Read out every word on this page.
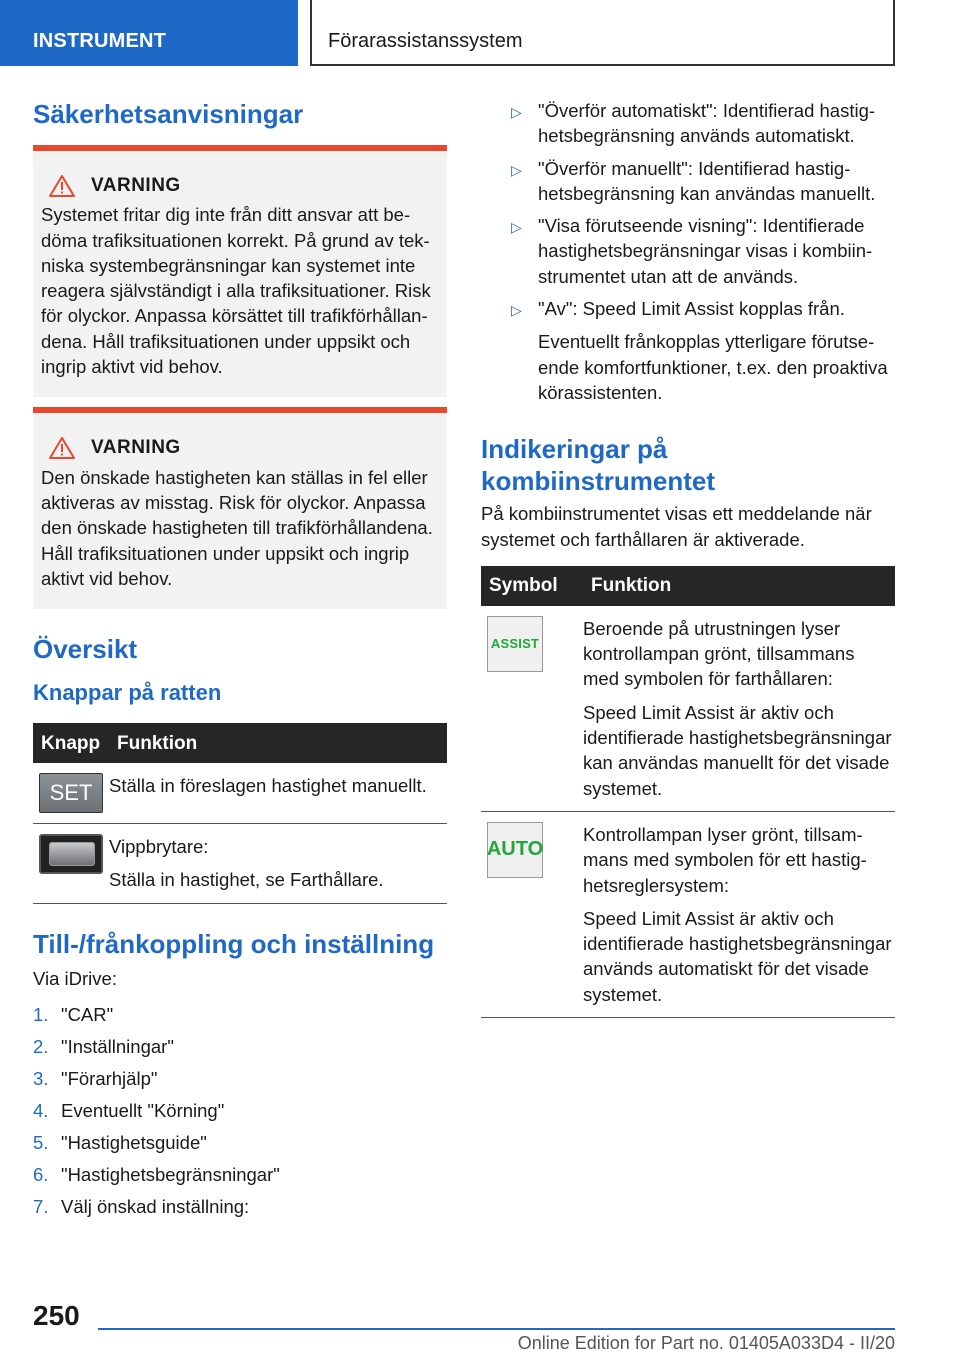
INSTRUMENT	Förarassistanssystem
Säkerhetsanvisningar
VARNING

Systemet fritar dig inte från ditt ansvar att bedöma trafiksituationen korrekt. På grund av tekniska systembegränsningar kan systemet inte reagera självständigt i alla trafiksituationer. Risk för olyckor. Anpassa körsättet till trafikförhållandena. Håll trafiksituationen under uppsikt och ingrip aktivt vid behov.

VARNING

Den önskade hastigheten kan ställas in fel eller aktiveras av misstag. Risk för olyckor. Anpassa den önskade hastigheten till trafikförhållandena. Håll trafiksituationen under uppsikt och ingrip aktivt vid behov.

Översikt
Knappar på ratten
Knapp	Funktion

SET	Ställa in föreslagen hastighet manuellt.

	Vippbrytare:

Ställa in hastighet, se Farthållare.

Till-/frånkoppling och inställning

Via iDrive:

1. "CAR"
2. "Inställningar"
3. "Förarhjälp"
4. Eventuellt "Körning"
5. "Hastighetsguide"
6. "Hastighetsbegränsningar"
7. Välj önskad inställning:
▷ "Överför automatiskt": Identifierad hastighetsbegränsning används automatiskt.

▷ "Överför manuellt": Identifierad hastighetsbegränsning kan användas manuellt.

▷ "Visa förutseende visning": Identifierade hastighetsbegränsningar visas i kombiinstrumentet utan att de används.

▷ "Av": Speed Limit Assist kopplas från.

Eventuellt frånkopplas ytterligare förutseende komfortfunktioner, t.ex. den proaktiva körassistenten.

Indikeringar på kombiinstrumentet

På kombiinstrumentet visas ett meddelande när systemet och farthållaren är aktiverade.

Symbol	Funktion

ASSIST	Beroende på utrustningen lyser kontrollampan grönt, tillsammans med symbolen för farthållaren:

Speed Limit Assist är aktiv och identifierade hastighetsbegränsningar kan användas manuellt för det visade systemet.

AUTO	Kontrollampan lyser grönt, tillsammans med symbolen för ett hastighetsreglersystem:

Speed Limit Assist är aktiv och identifierade hastighetsbegränsningar används automatiskt för det visade systemet.

250
Online Edition for Part no. 01405A033D4 - II/20
